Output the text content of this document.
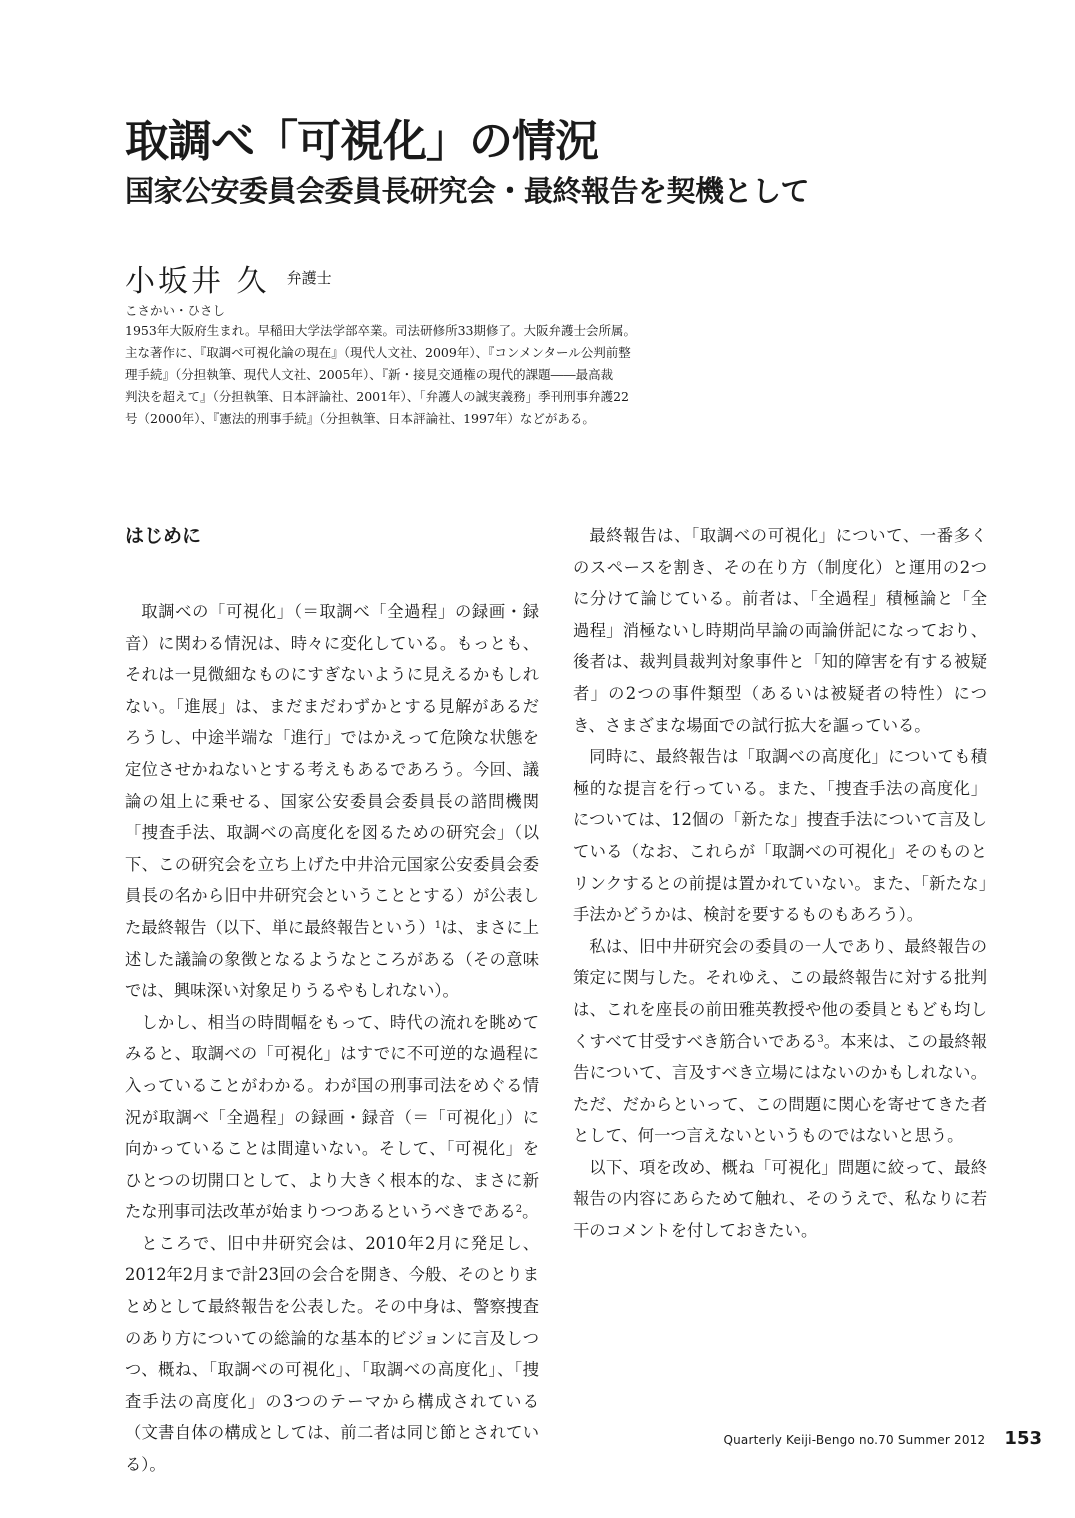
取調べ「可視化」の情況
国家公安委員会委員長研究会・最終報告を契機として
小坂井 久 弁護士
こさかい・ひさし

1953年大阪府生まれ。早稲田大学法学部卒業。司法研修所33期修了。大阪弁護士会所属。

主な著作に、『取調べ可視化論の現在』（現代人文社、2009年）、『コンメンタール公判前整

理手続』（分担執筆、現代人文社、2005年）、『新・接見交通権の現代的課題――最高裁

判決を超えて』（分担執筆、日本評論社、2001年）、「弁護人の誠実義務」季刊刑事弁護22

号（2000年）、『憲法的刑事手続』（分担執筆、日本評論社、1997年）などがある。

はじめに

取調べの「可視化」（＝取調べ「全過程」の録画・録音）に関わる情況は、時々に変化している。もっとも、それは一見微細なものにすぎないように見えるかもしれない。「進展」は、まだまだわずかとする見解があるだろうし、中途半端な「進行」ではかえって危険な状態を定位させかねないとする考えもあるであろう。今回、議論の俎上に乗せる、国家公安委員会委員長の諮問機関「捜査手法、取調べの高度化を図るための研究会」（以下、この研究会を立ち上げた中井洽元国家公安委員会委員長の名から旧中井研究会ということとする）が公表した最終報告（以下、単に最終報告という）$^1$は、まさに上述した議論の象徴となるようなところがある（その意味では、興味深い対象足りうるやもしれない）。

しかし、相当の時間幅をもって、時代の流れを眺めてみると、取調べの「可視化」はすでに不可逆的な過程に入っていることがわかる。わが国の刑事司法をめぐる情況が取調べ「全過程」の録画・録音（＝「可視化」）に向かっていることは間違いない。そして、「可視化」をひとつの切開口として、より大きく根本的な、まさに新たな刑事司法改革が始まりつつあるというべきである$^2$。

ところで、旧中井研究会は、2010年2月に発足し、2012年2月まで計23回の会合を開き、今般、そのとりまとめとして最終報告を公表した。その中身は、警察捜査のあり方についての総論的な基本的ビジョンに言及しつつ、概ね、「取調べの可視化」、「取調べの高度化」、「捜査手法の高度化」の3つのテーマから構成されている（文書自体の構成としては、前二者は同じ節とされている）。

最終報告は、「取調べの可視化」について、一番多くのスペースを割き、その在り方（制度化）と運用の2つに分けて論じている。前者は、「全過程」積極論と「全過程」消極ないし時期尚早論の両論併記になっており、後者は、裁判員裁判対象事件と「知的障害を有する被疑者」の2つの事件類型（あるいは被疑者の特性）につき、さまざまな場面での試行拡大を謳っている。

同時に、最終報告は「取調べの高度化」についても積極的な提言を行っている。また、「捜査手法の高度化」については、12個の「新たな」捜査手法について言及している（なお、これらが「取調べの可視化」そのものとリンクするとの前提は置かれていない。また、「新たな」手法かどうかは、検討を要するものもあろう）。

私は、旧中井研究会の委員の一人であり、最終報告の策定に関与した。それゆえ、この最終報告に対する批判は、これを座長の前田雅英教授や他の委員ともども均しくすべて甘受すべき筋合いである$^3$。本来は、この最終報告について、言及すべき立場にはないのかもしれない。ただ、だからといって、この問題に関心を寄せてきた者として、何一つ言えないというものではないと思う。

以下、項を改め、概ね「可視化」問題に絞って、最終報告の内容にあらためて触れ、そのうえで、私なりに若干のコメントを付しておきたい。

Quarterly Keiji-Bengo no.70 Summer 2012 153
